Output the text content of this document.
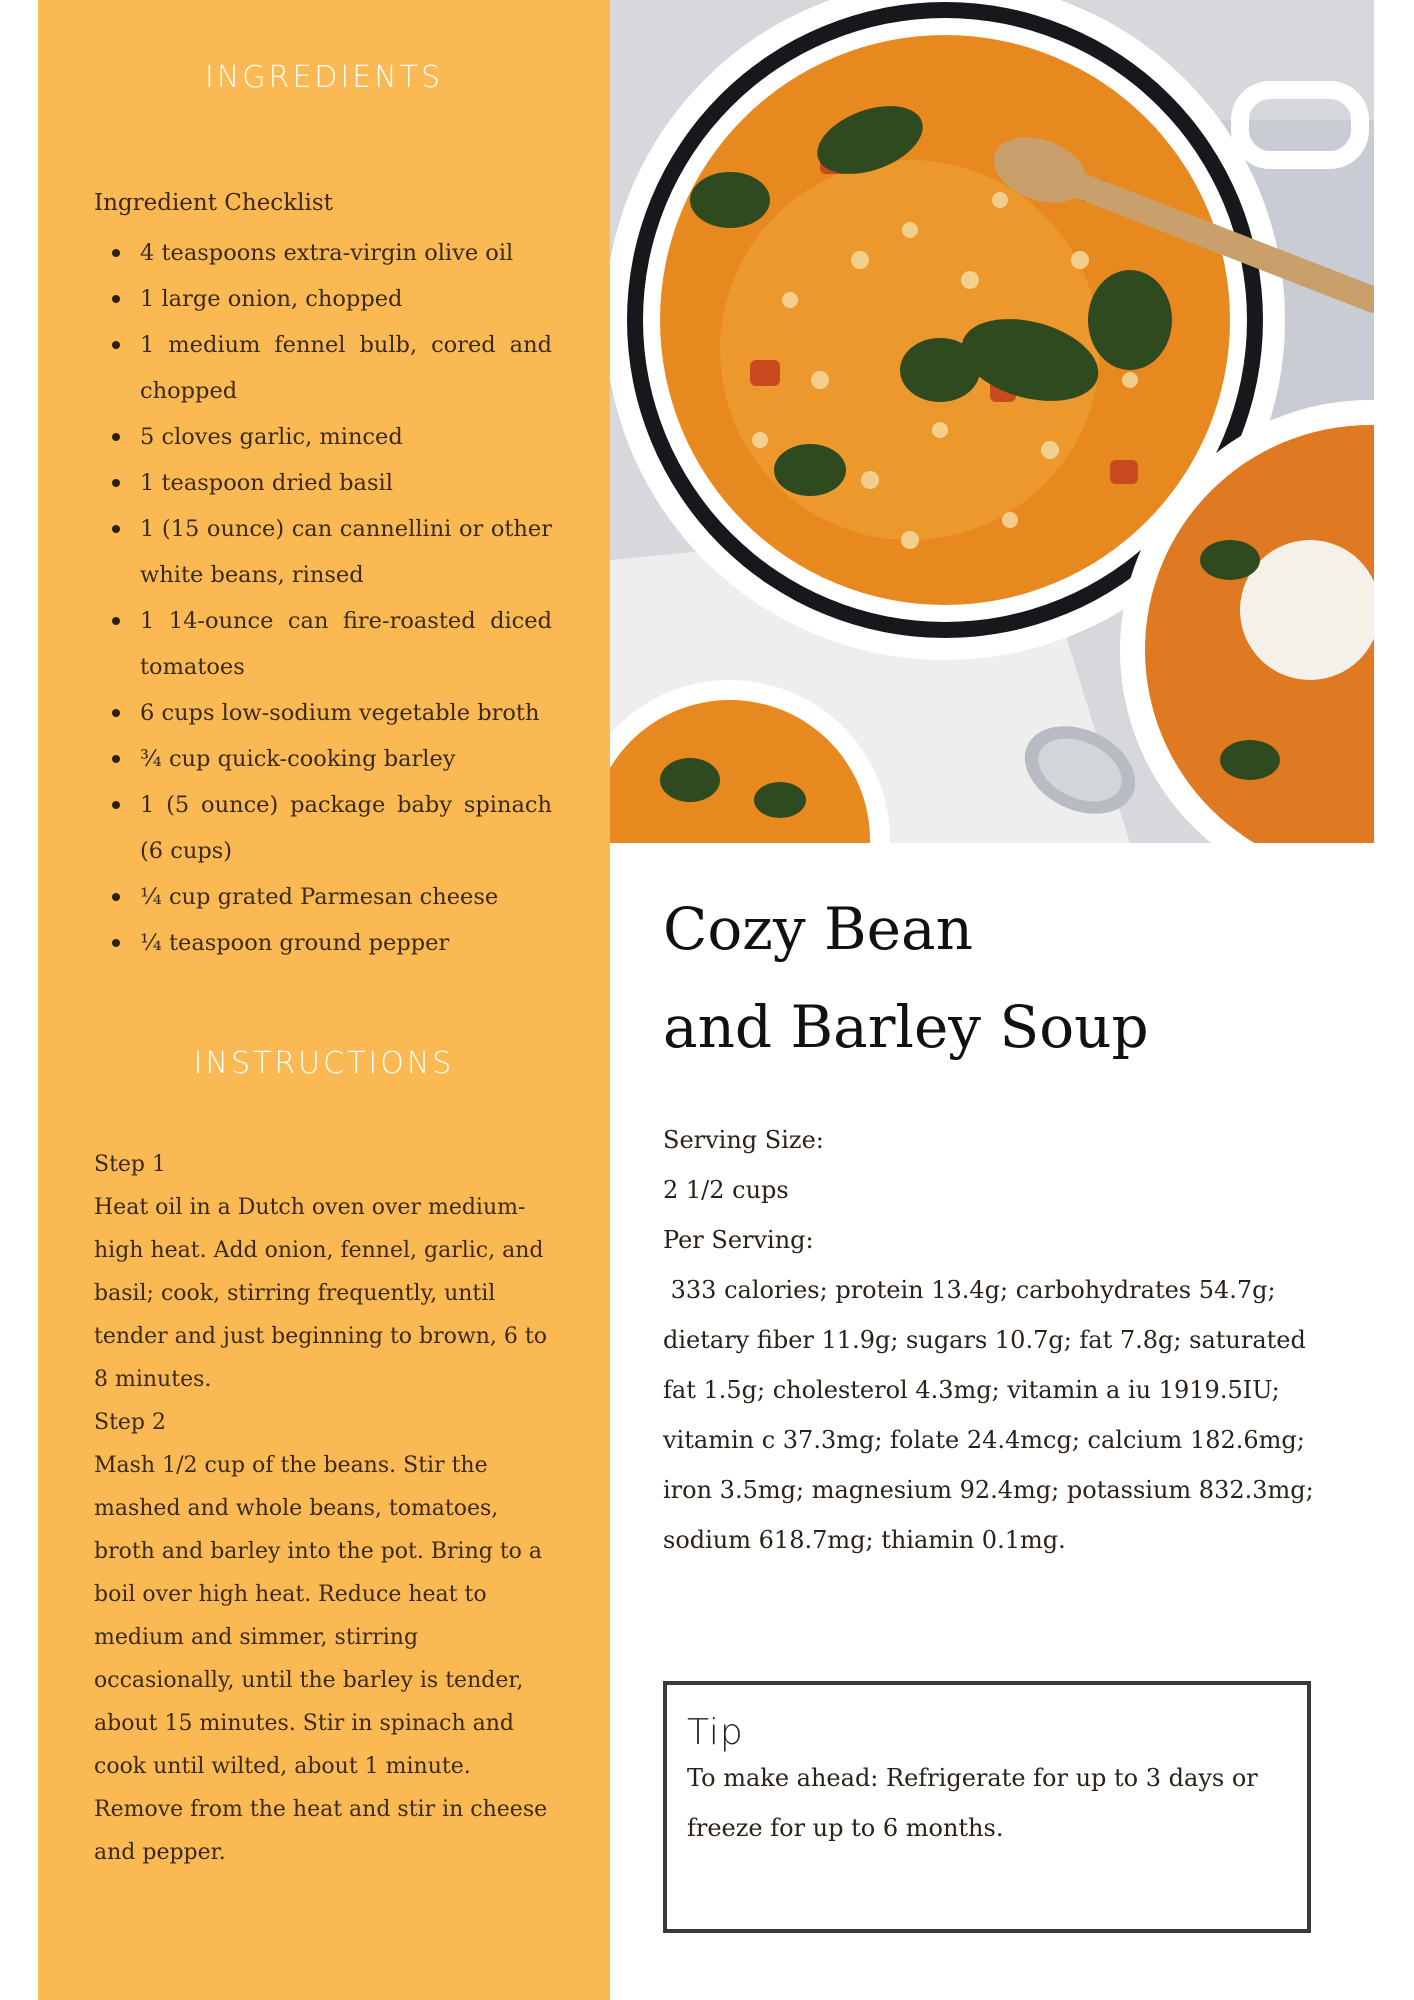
INGREDIENTS
Ingredient Checklist
4 teaspoons extra-virgin olive oil
1 large onion, chopped
1 medium fennel bulb, cored and chopped
5 cloves garlic, minced
1 teaspoon dried basil
1 (15 ounce) can cannellini or other white beans, rinsed
1 14-ounce can fire-roasted diced tomatoes
6 cups low-sodium vegetable broth
¾ cup quick-cooking barley
1 (5 ounce) package baby spinach (6 cups)
¼ cup grated Parmesan cheese
¼ teaspoon ground pepper
INSTRUCTIONS

Step 1

Heat oil in a Dutch oven over medium-high heat. Add onion, fennel, garlic, and basil; cook, stirring frequently, until tender and just beginning to brown, 6 to 8 minutes.

Step 2

Mash 1/2 cup of the beans. Stir the mashed and whole beans, tomatoes, broth and barley into the pot. Bring to a boil over high heat. Reduce heat to medium and simmer, stirring occasionally, until the barley is tender, about 15 minutes. Stir in spinach and cook until wilted, about 1 minute. Remove from the heat and stir in cheese and pepper.

Cozy Bean
and Barley Soup
Serving Size:
2 1/2 cups
Per Serving:
333 calories; protein 13.4g; carbohydrates 54.7g; dietary fiber 11.9g; sugars 10.7g; fat 7.8g; saturated fat 1.5g; cholesterol 4.3mg; vitamin a iu 1919.5IU; vitamin c 37.3mg; folate 24.4mcg; calcium 182.6mg; iron 3.5mg; magnesium 92.4mg; potassium 832.3mg; sodium 618.7mg; thiamin 0.1mg.
Tip
To make ahead: Refrigerate for up to 3 days or freeze for up to 6 months.
